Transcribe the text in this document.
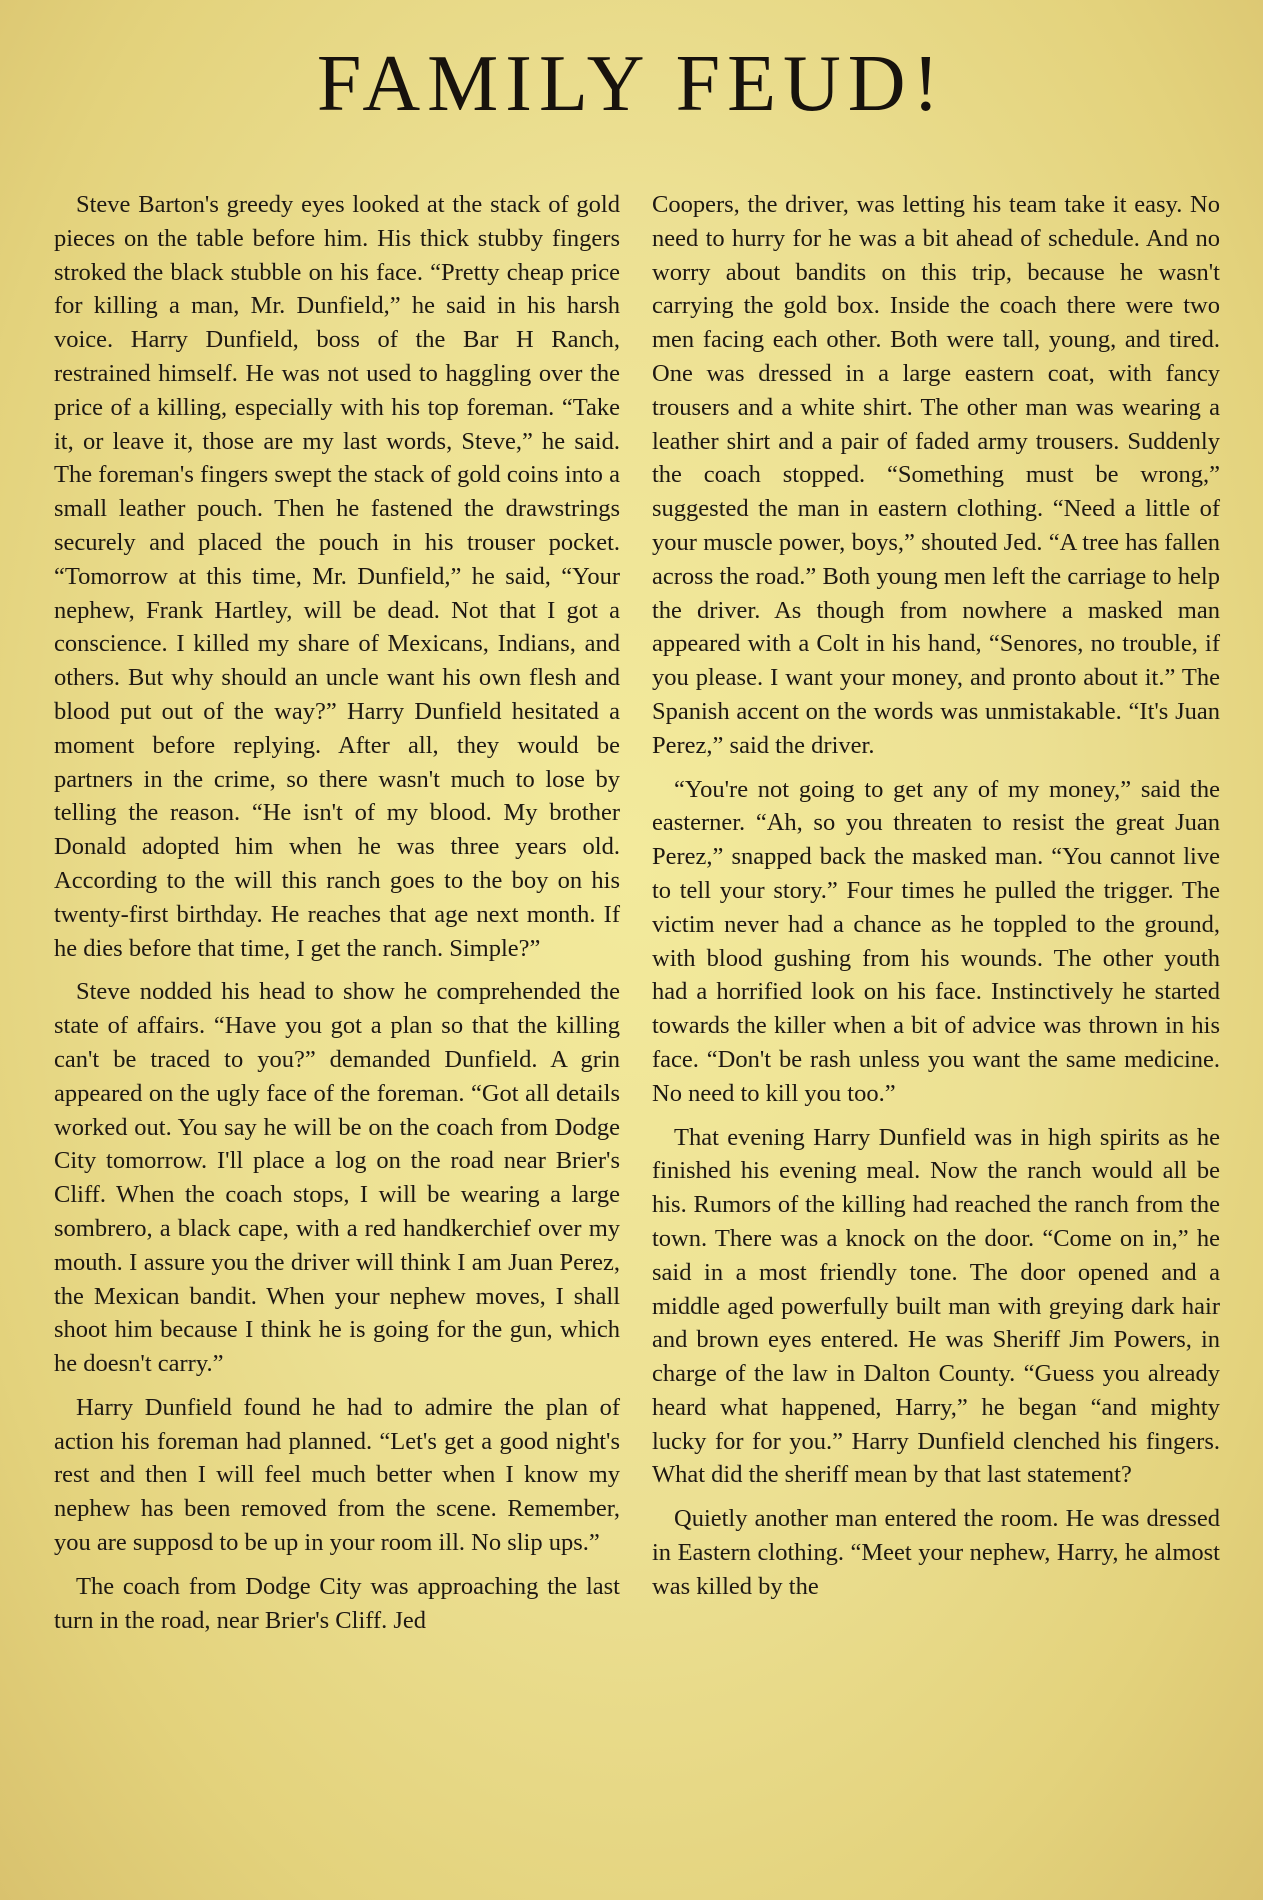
FAMILY FEUD!

Steve Barton's greedy eyes looked at the stack of gold pieces on the table before him. His thick stubby fingers stroked the black stubble on his face. “Pretty cheap price for killing a man, Mr. Dunfield,” he said in his harsh voice. Harry Dunfield, boss of the Bar H Ranch, restrained himself. He was not used to haggling over the price of a killing, especially with his top foreman. “Take it, or leave it, those are my last words, Steve,” he said. The foreman's fingers swept the stack of gold coins into a small leather pouch. Then he fastened the drawstrings securely and placed the pouch in his trouser pocket. “Tomorrow at this time, Mr. Dunfield,” he said, “Your nephew, Frank Hartley, will be dead. Not that I got a conscience. I killed my share of Mexicans, Indians, and others. But why should an uncle want his own flesh and blood put out of the way?” Harry Dunfield hesitated a moment before replying. After all, they would be partners in the crime, so there wasn't much to lose by telling the reason. “He isn't of my blood. My brother Donald adopted him when he was three years old. According to the will this ranch goes to the boy on his twenty-first birthday. He reaches that age next month. If he dies before that time, I get the ranch. Simple?”

Steve nodded his head to show he comprehended the state of affairs. “Have you got a plan so that the killing can't be traced to you?” demanded Dunfield. A grin appeared on the ugly face of the foreman. “Got all details worked out. You say he will be on the coach from Dodge City tomorrow. I'll place a log on the road near Brier's Cliff. When the coach stops, I will be wearing a large sombrero, a black cape, with a red handkerchief over my mouth. I assure you the driver will think I am Juan Perez, the Mexican bandit. When your nephew moves, I shall shoot him because I think he is going for the gun, which he doesn't carry.”

Harry Dunfield found he had to admire the plan of action his foreman had planned. “Let's get a good night's rest and then I will feel much better when I know my nephew has been removed from the scene. Remember, you are supposd to be up in your room ill. No slip ups.”

The coach from Dodge City was approaching the last turn in the road, near Brier's Cliff. Jed

Coopers, the driver, was letting his team take it easy. No need to hurry for he was a bit ahead of schedule. And no worry about bandits on this trip, because he wasn't carrying the gold box. Inside the coach there were two men facing each other. Both were tall, young, and tired. One was dressed in a large eastern coat, with fancy trousers and a white shirt. The other man was wearing a leather shirt and a pair of faded army trousers. Suddenly the coach stopped. “Something must be wrong,” suggested the man in eastern clothing. “Need a little of your muscle power, boys,” shouted Jed. “A tree has fallen across the road.” Both young men left the carriage to help the driver. As though from nowhere a masked man appeared with a Colt in his hand, “Senores, no trouble, if you please. I want your money, and pronto about it.” The Spanish accent on the words was unmistakable. “It's Juan Perez,” said the driver.

“You're not going to get any of my money,” said the easterner. “Ah, so you threaten to resist the great Juan Perez,” snapped back the masked man. “You cannot live to tell your story.” Four times he pulled the trigger. The victim never had a chance as he toppled to the ground, with blood gushing from his wounds. The other youth had a horrified look on his face. Instinctively he started towards the killer when a bit of advice was thrown in his face. “Don't be rash unless you want the same medicine. No need to kill you too.”

That evening Harry Dunfield was in high spirits as he finished his evening meal. Now the ranch would all be his. Rumors of the killing had reached the ranch from the town. There was a knock on the door. “Come on in,” he said in a most friendly tone. The door opened and a middle aged powerfully built man with greying dark hair and brown eyes entered. He was Sheriff Jim Powers, in charge of the law in Dalton County. “Guess you already heard what happened, Harry,” he began “and mighty lucky for for you.” Harry Dunfield clenched his fingers. What did the sheriff mean by that last statement?

Quietly another man entered the room. He was dressed in Eastern clothing. “Meet your nephew, Harry, he almost was killed by the
